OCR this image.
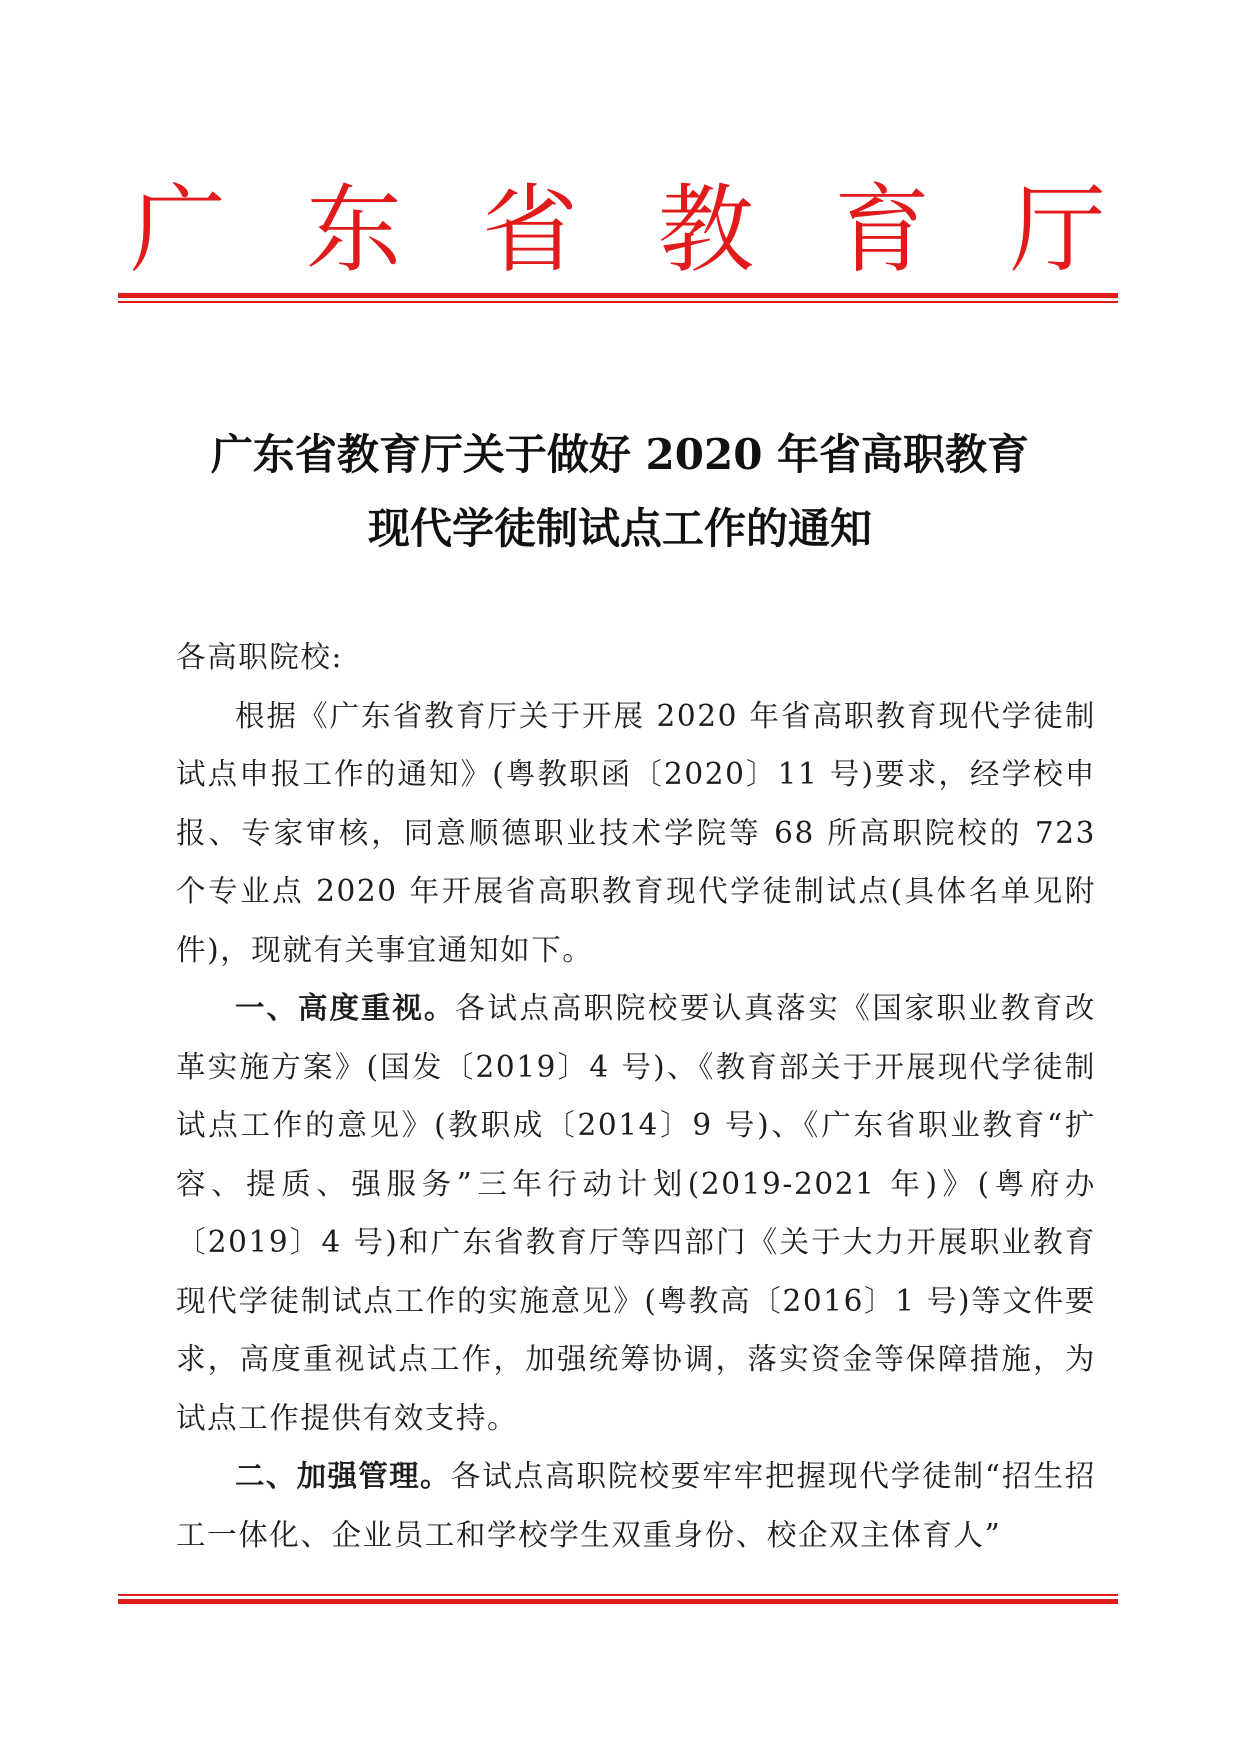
广 东 省 教 育 厅
广东省教育厅关于做好 2020 年省高职教育
现代学徒制试点工作的通知

各高职院校:

根据《广东省教育厅关于开展 2020 年省高职教育现代学徒制试点申报工作的通知》(粤教职函〔2020〕11 号)要求，经学校申报、专家审核，同意顺德职业技术学院等 68 所高职院校的 723 个专业点 2020 年开展省高职教育现代学徒制试点(具体名单见附件)，现就有关事宜通知如下。

一、高度重视。各试点高职院校要认真落实《国家职业教育改革实施方案》(国发〔2019〕4 号)、《教育部关于开展现代学徒制试点工作的意见》(教职成〔2014〕9 号)、《广东省职业教育“扩容、提质、强服务”三年行动计划(2019-2021 年)》(粤府办〔2019〕4 号)和广东省教育厅等四部门《关于大力开展职业教育现代学徒制试点工作的实施意见》(粤教高〔2016〕1 号)等文件要求，高度重视试点工作，加强统筹协调，落实资金等保障措施，为试点工作提供有效支持。

二、加强管理。各试点高职院校要牢牢把握现代学徒制“招生招工一体化、企业员工和学校学生双重身份、校企双主体育人”
